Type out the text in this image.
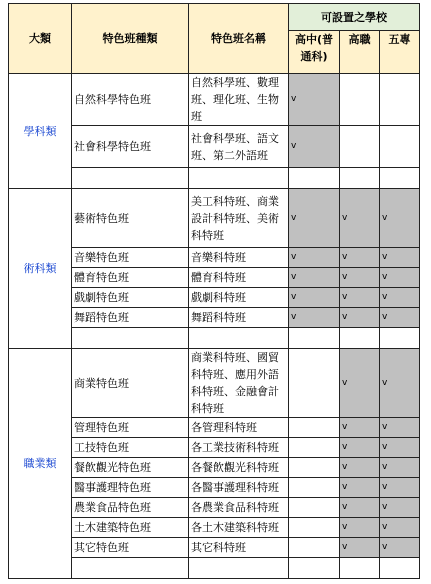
大類	特色班種類	特色班名稱	可設置之學校		
			高中(普通科)	高職	五專
學科類	自然科學特色班	自然科學班、數理班、理化班、生物班	v		
	社會科學特色班	社會科學班、語文班、第二外語班	v		

術科類	藝術特色班	美工科特班、商業設計科特班、美術科特班	v	v	v
	音樂特色班	音樂科特班	v	v	v
	體育特色班	體育科特班	v	v	v
	戲劇特色班	戲劇科特班	v	v	v
	舞蹈特色班	舞蹈科特班	v	v	v

職業類	商業特色班	商業科特班、國貿科特班、應用外語科特班、金融會計科特班		v	v
	管理特色班	各管理科特班		v	v
	工技特色班	各工業技術科特班		v	v
	餐飲觀光特色班	各餐飲觀光科特班		v	v
	醫事護理特色班	各醫事護理科特班		v	v
	農業食品特色班	各農業食品科特班		v	v
	土木建築特色班	各土木建築科特班		v	v
	其它特色班	其它科特班		v	v
